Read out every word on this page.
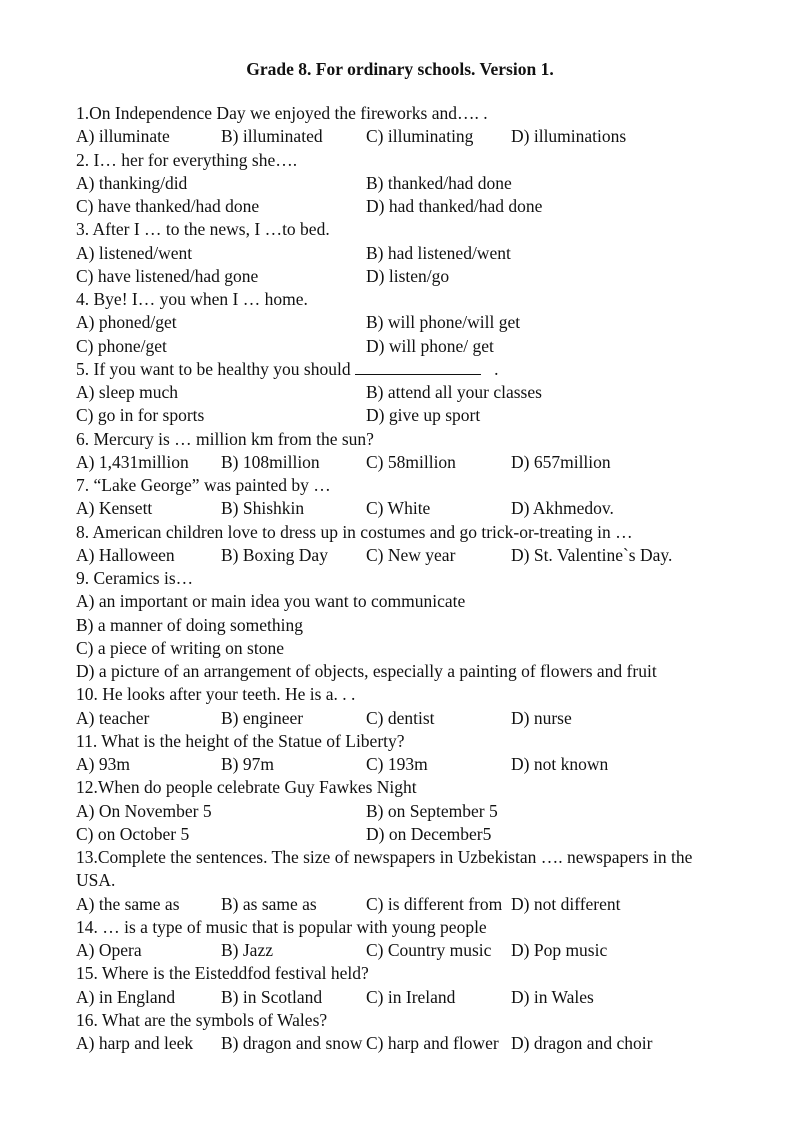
Grade 8. For ordinary schools. Version 1.
1.On Independence Day we enjoyed the fireworks and…. .
A) illuminate	B) illuminated C) illuminating D) illuminations
2. I… her for everything she….
A) thanking/did	B) thanked/had done
C) have thanked/had done	D) had thanked/had done
3. After I … to the news, I …to bed.
A) listened/went	B) had listened/went
C) have listened/had gone	D) listen/go
4. Bye! I… you when I … home.
A) phoned/get	B) will phone/will get
C) phone/get	D) will phone/ get
5. If you want to be healthy you should	.
A) sleep much	B) attend all your classes
C) go in for sports	D) give up sport
6. Mercury is … million km from the sun?
A) 1,431million B) 108million	C) 58million	D) 657million
7. “Lake George” was painted by …
A) Kensett	B) Shishkin	C) White	D) Akhmedov.
8. American children love to dress up in costumes and go trick-or-treating in …
A) Halloween	B) Boxing Day C) New year	D) St. Valentine`s Day.
9. Ceramics is…
A) an important or main idea you want to communicate
B) a manner of doing something
C) a piece of writing on stone
D) a picture of an arrangement of objects, especially a painting of flowers and fruit
10. He looks after your teeth. He is a. . .
A) teacher	B) engineer	C) dentist	D) nurse
11. What is the height of the Statue of Liberty?
A) 93m	B) 97m	C) 193m	D) not known
12.When do people celebrate Guy Fawkes Night
A) On November 5	B) on September 5
C) on October 5	D) on December5
13.Complete the sentences. The size of newspapers in Uzbekistan …. newspapers in the
USA.
A) the same as B) as same as	C) is different from D) not different
14. … is a type of music that is popular with young people
A) Opera	B) Jazz	C) Country music D) Pop music
15. Where is the Eisteddfod festival held?
A) in England	B) in Scotland	C) in Ireland	D) in Wales
16. What are the symbols of Wales?
A) harp and leek B) dragon and snow C) harp and flower D) dragon and choir
